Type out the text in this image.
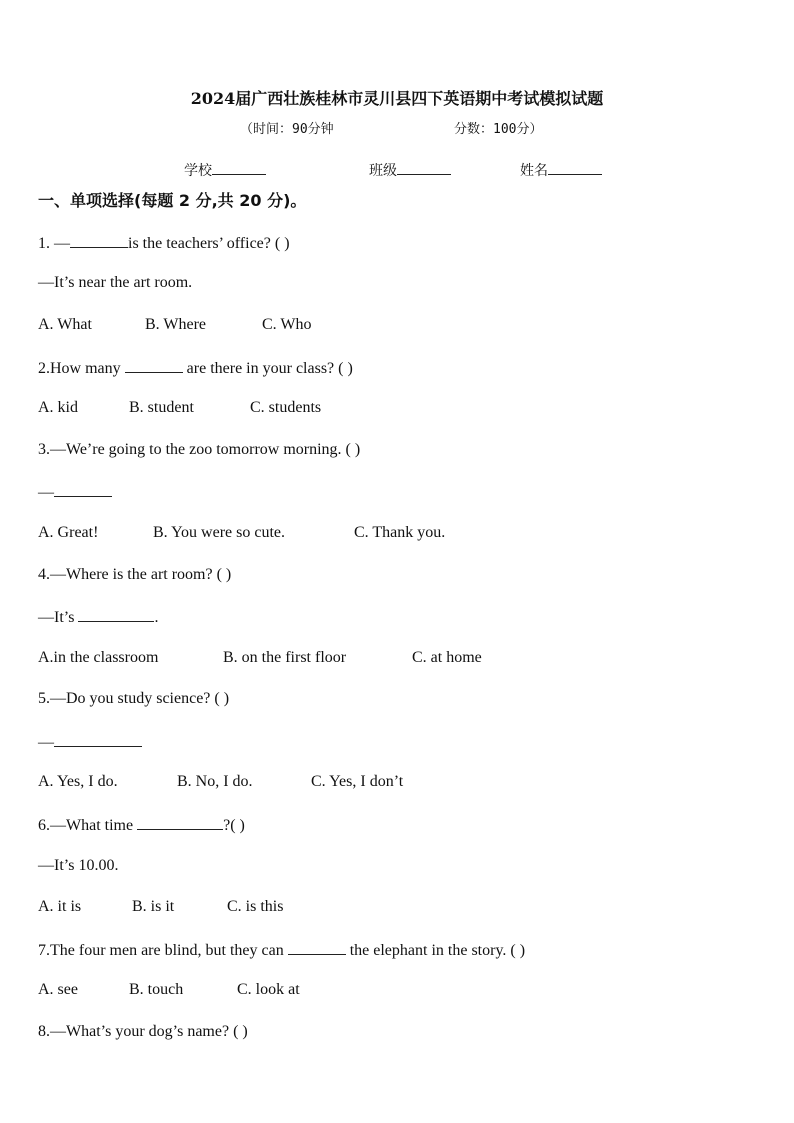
2024届广西壮族桂林市灵川县四下英语期中考试模拟试题
（时间：90分钟	分数：100分）
学校	班级	姓名
一、单项选择(每题 2 分,共 20 分)。
1. —	is the teachers’ office? ( )
—It’s near the art room.
A. What	B. Where	C. Who
2.How many	are there in your class? ( )
A. kid	B. student	C. students
3.—We’re going to the zoo tomorrow morning. ( )
—
A. Great!	B. You were so cute.	C. Thank you.
4.—Where is the art room? ( )
—It’s	.
A.in the classroom	B. on the first floor	C. at home
5.—Do you study science? ( )
—
A. Yes, I do.	B. No, I do.	C. Yes, I don’t
6.—What time	?( )
—It’s 10.00.
A. it is	B. is it	C. is this
7.The four men are blind, but they can	the elephant in the story. ( )
A. see	B. touch	C. look at
8.—What’s your dog’s name? ( )
